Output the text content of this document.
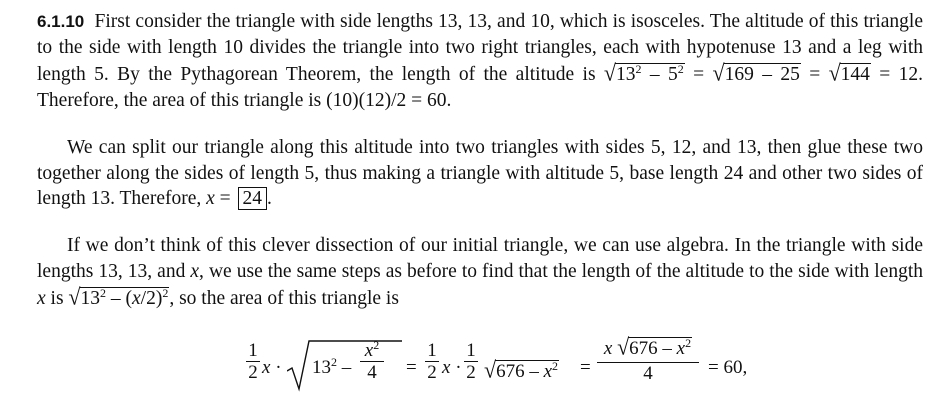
6.1.10 First consider the triangle with side lengths 13, 13, and 10, which is isosceles. The altitude of this triangle to the side with length 10 divides the triangle into two right triangles, each with hypotenuse 13 and a leg with length 5. By the Pythagorean Theorem, the length of the altitude is $√13^2 - 5^2 = √169 - 25 = √144 = 12$. Therefore, the area of this triangle is (10)(12)/2 = 60.

We can split our triangle along this altitude into two triangles with sides 5, 12, and 13, then glue these two together along the sides of length 5, thus making a triangle with altitude 5, base length 24 and other two sides of length 13. Therefore, x = 24 .

If we don’t think of this clever dissection of our initial triangle, we can use algebra. In the triangle with side lengths 13, 13, and x, we use the same steps as before to find that the length of the altitude to the side with length x is $√13^2 - (x/2)^2$, so the area of this triangle is

1
2 $x \cdot 13^2$ –
$x^2$
4	=
1
2 x ·
1
2 $√676 - x^2$ =
x $√676 - x^2$
4	= 60,
